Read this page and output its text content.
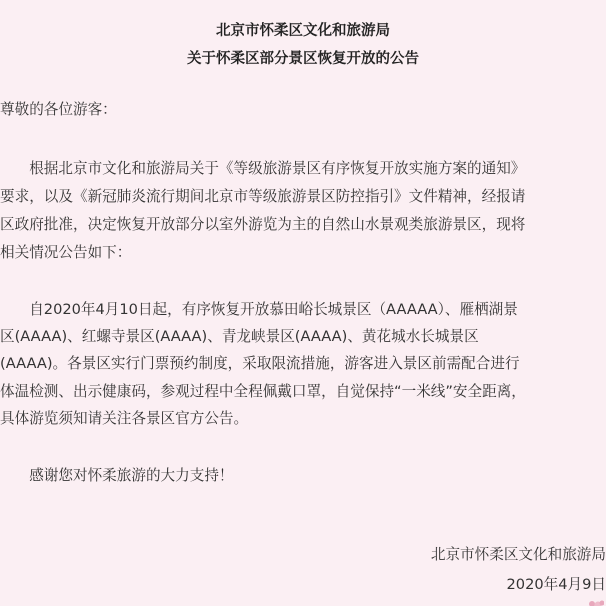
北京市怀柔区文化和旅游局
关于怀柔区部分景区恢复开放的公告
尊敬的各位游客：
　　根据北京市文化和旅游局关于《等级旅游景区有序恢复开放实施方案的通知》
要求，以及《新冠肺炎流行期间北京市等级旅游景区防控指引》文件精神，经报请
区政府批准，决定恢复开放部分以室外游览为主的自然山水景观类旅游景区，现将
相关情况公告如下：
　　自2020年4月10日起，有序恢复开放慕田峪长城景区（AAAAA）、雁栖湖景
区(AAAA)、红螺寺景区(AAAA)、青龙峡景区(AAAA)、黄花城水长城景区
(AAAA)。各景区实行门票预约制度，采取限流措施，游客进入景区前需配合进行
体温检测、出示健康码，参观过程中全程佩戴口罩，自觉保持“一米线”安全距离，
具体游览须知请关注各景区官方公告。
　　感谢您对怀柔旅游的大力支持！
北京市怀柔区文化和旅游局
2020年4月9日
